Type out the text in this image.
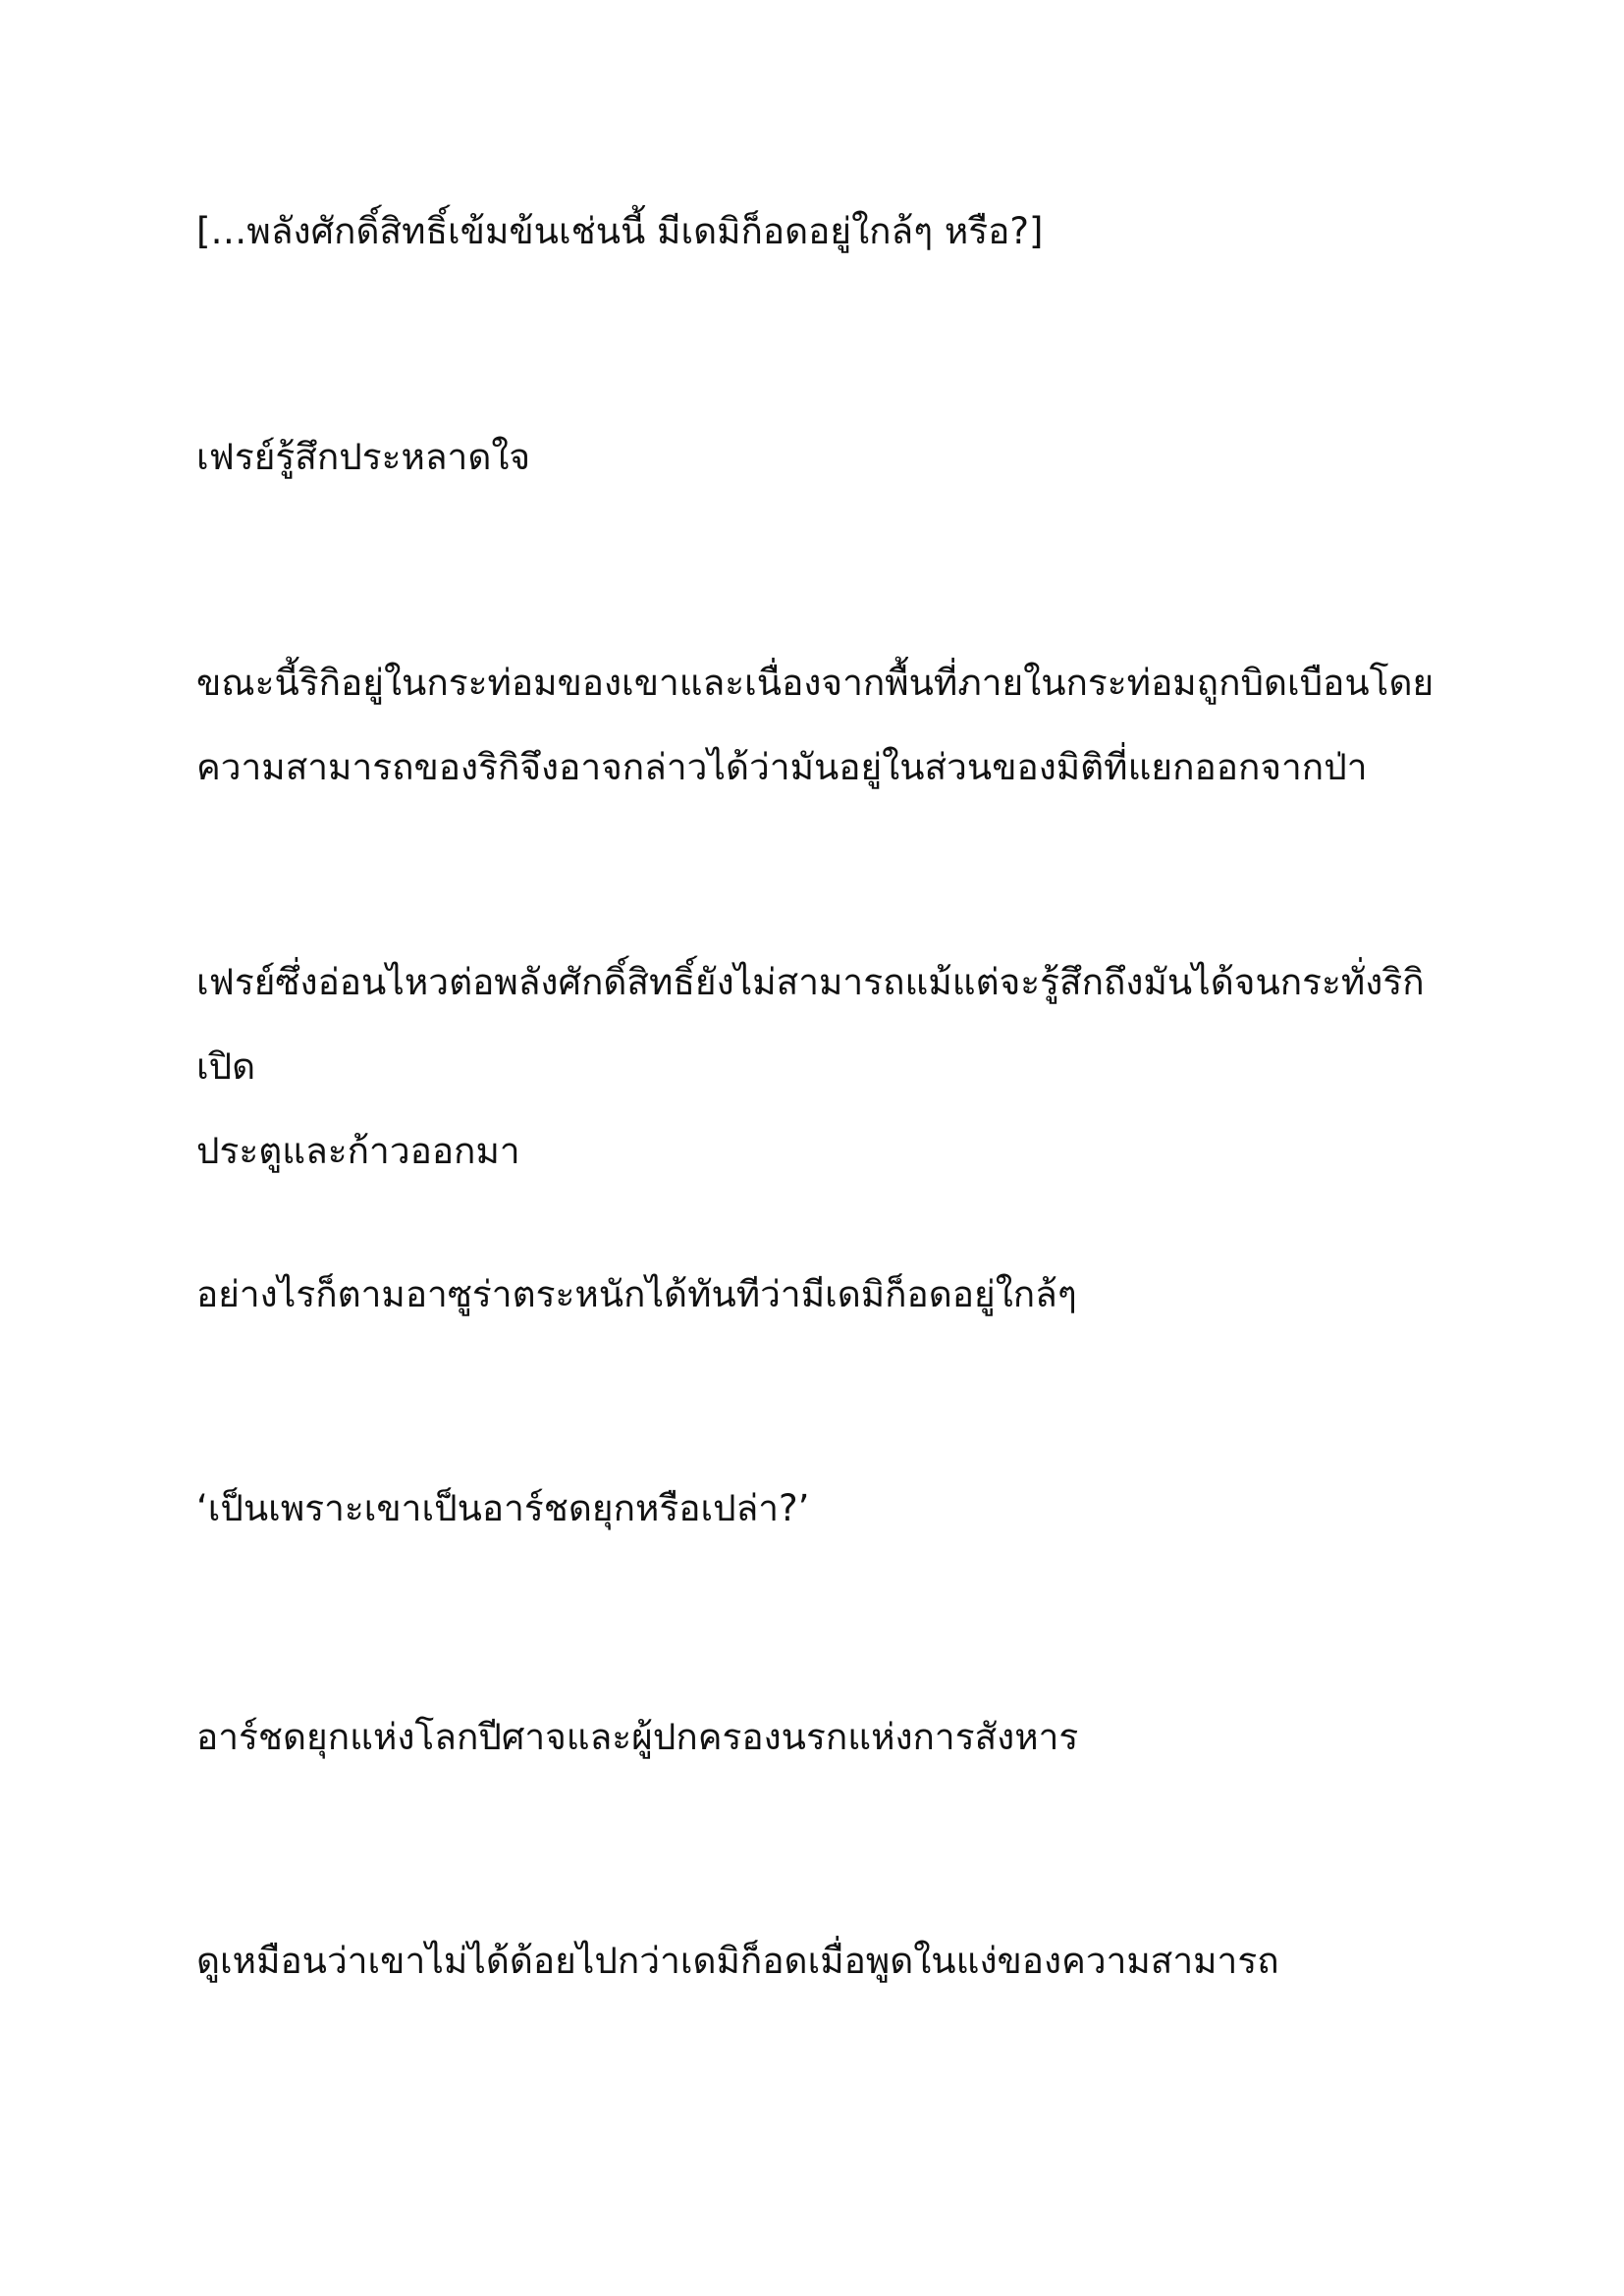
[…พลังศักดิ์สิทธิ์เข้มข้นเช่นนี้ มีเดมิก็อดอยู่ใกล้ๆ หรือ?]

เฟรย์รู้สึกประหลาดใจ

ขณะนี้ริกิอยู่ในกระท่อมของเขาและเนื่องจากพื้นที่ภายในกระท่อมถูกบิดเบือนโดย
ความสามารถของริกิจึงอาจกล่าวได้ว่ามันอยู่ในส่วนของมิติที่แยกออกจากป่า

เฟรย์ซึ่งอ่อนไหวต่อพลังศักดิ์สิทธิ์ยังไม่สามารถแม้แต่จะรู้สึกถึงมันได้จนกระทั่งริกิเปิด
ประตูและก้าวออกมา

อย่างไรก็ตามอาซูร่าตระหนักได้ทันทีว่ามีเดมิก็อดอยู่ใกล้ๆ

‘เป็นเพราะเขาเป็นอาร์ชดยุกหรือเปล่า?’

อาร์ชดยุกแห่งโลกปีศาจและผู้ปกครองนรกแห่งการสังหาร

ดูเหมือนว่าเขาไม่ได้ด้อยไปกว่าเดมิก็อดเมื่อพูดในแง่ของความสามารถ
